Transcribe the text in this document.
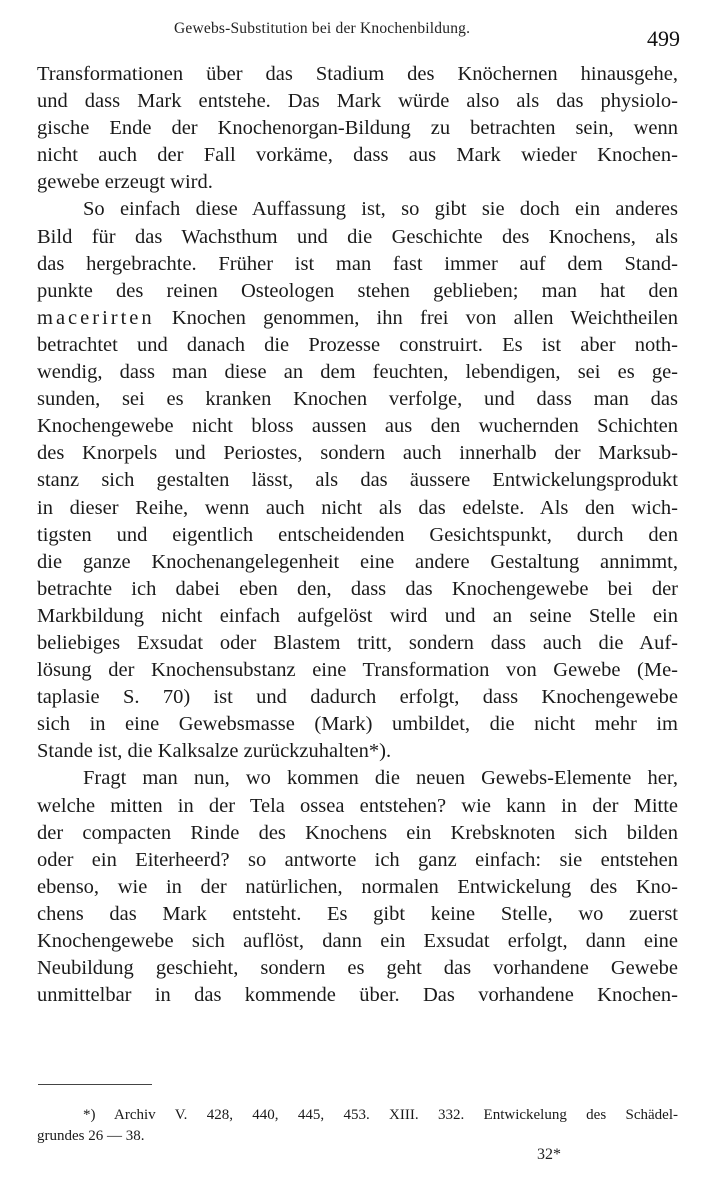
Gewebs-Substitution bei der Knochenbildung.	499
Transformationen über das Stadium des Knöchernen hinausgehe,
und dass Mark entstehe. Das Mark würde also als das physiolo-
gische Ende der Knochenorgan-Bildung zu betrachten sein, wenn
nicht auch der Fall vorkäme, dass aus Mark wieder Knochen-
gewebe erzeugt wird.
So einfach diese Auffassung ist, so gibt sie doch ein anderes
Bild für das Wachsthum und die Geschichte des Knochens, als
das hergebrachte. Früher ist man fast immer auf dem Stand-
punkte des reinen Osteologen stehen geblieben; man hat den
macerirten Knochen genommen, ihn frei von allen Weichtheilen
betrachtet und danach die Prozesse construirt. Es ist aber noth-
wendig, dass man diese an dem feuchten, lebendigen, sei es ge-
sunden, sei es kranken Knochen verfolge, und dass man das
Knochengewebe nicht bloss aussen aus den wuchernden Schichten
des Knorpels und Periostes, sondern auch innerhalb der Marksub-
stanz sich gestalten lässt, als das äussere Entwickelungsprodukt
in dieser Reihe, wenn auch nicht als das edelste. Als den wich-
tigsten und eigentlich entscheidenden Gesichtspunkt, durch den
die ganze Knochenangelegenheit eine andere Gestaltung annimmt,
betrachte ich dabei eben den, dass das Knochengewebe bei der
Markbildung nicht einfach aufgelöst wird und an seine Stelle ein
beliebiges Exsudat oder Blastem tritt, sondern dass auch die Auf-
lösung der Knochensubstanz eine Transformation von Gewebe (Me-
taplasie S. 70) ist und dadurch erfolgt, dass Knochengewebe
sich in eine Gewebsmasse (Mark) umbildet, die nicht mehr im
Stande ist, die Kalksalze zurückzuhalten*).
Fragt man nun, wo kommen die neuen Gewebs-Elemente her,
welche mitten in der Tela ossea entstehen? wie kann in der Mitte
der compacten Rinde des Knochens ein Krebsknoten sich bilden
oder ein Eiterheerd? so antworte ich ganz einfach: sie entstehen
ebenso, wie in der natürlichen, normalen Entwickelung des Kno-
chens das Mark entsteht. Es gibt keine Stelle, wo zuerst
Knochengewebe sich auflöst, dann ein Exsudat erfolgt, dann eine
Neubildung geschieht, sondern es geht das vorhandene Gewebe
unmittelbar in das kommende über. Das vorhandene Knochen-
*) Archiv V. 428, 440, 445, 453. XIII. 332. Entwickelung des Schädel-
grundes 26 — 38.
32*
